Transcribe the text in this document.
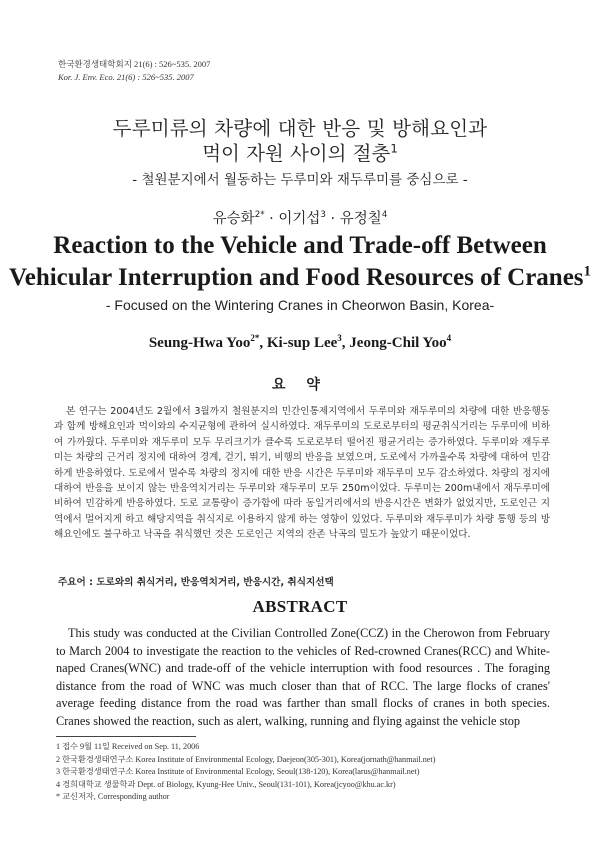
한국환경생태학회지 21(6) : 526~535. 2007
Kor. J. Env. Eco. 21(6) : 526~535. 2007
두루미류의 차량에 대한 반응 및 방해요인과
먹이 자원 사이의 절충$^1$
- 철원분지에서 월동하는 두루미와 재두루미를 중심으로 -
유승화$^{2*}$ · 이기섭$^3$ · 유정칠$^4$
Reaction to the Vehicle and Trade-off Between
Vehicular Interruption and Food Resources of Cranes$^1$
- Focused on the Wintering Cranes in Cheorwon Basin, Korea-
Seung-Hwa Yoo$^{2*}$, Ki-sup Lee$^3$, Jeong-Chil Yoo$^4$
요 약

본 연구는 2004년도 2월에서 3월까지 철원분지의 민간인통제지역에서 두루미와 재두루미의 차량에 대한 반응행동과 함께 방해요인과 먹이와의 수지균형에 관하여 실시하였다. 재두루미의 도로로부터의 평균취식거리는 두루미에 비하여 가까웠다. 두루미와 재두루미 모두 무리크기가 클수록 도로로부터 떨어진 평균거리는 증가하였다. 두루미와 재두루미는 차량의 근거리 정지에 대하여 경계, 걷기, 뛰기, 비행의 반응을 보였으며, 도로에서 가까울수록 차량에 대하여 민감하게 반응하였다. 도로에서 멀수록 차량의 정지에 대한 반응 시간은 두루미와 재두루미 모두 감소하였다. 차량의 정지에 대하여 반응을 보이지 않는 반응역치거리는 두루미와 재두루미 모두 250m이었다. 두루미는 200m내에서 재두루미에 비하여 민감하게 반응하였다. 도로 교통량이 증가함에 따라 동일거리에서의 반응시간은 변화가 없었지만, 도로인근 지역에서 멀어지게 하고 해당지역을 취식지로 이용하지 않게 하는 영향이 있었다. 두루미와 재두루미가 차량 통행 등의 방해요인에도 불구하고 낙곡을 취식했던 것은 도로인근 지역의 잔존 낙곡의 밀도가 높았기 때문이었다.

주요어 : 도로와의 취식거리, 반응역치거리, 반응시간, 취식지선택
ABSTRACT

This study was conducted at the Civilian Controlled Zone(CCZ) in the Cherowon from February to March 2004 to investigate the reaction to the vehicles of Red-crowned Cranes(RCC) and White-naped Cranes(WNC) and trade-off of the vehicle interruption with food resources . The foraging distance from the road of WNC was much closer than that of RCC. The large flocks of cranes' average feeding distance from the road was farther than small flocks of cranes in both species. Cranes showed the reaction, such as alert, walking, running and flying against the vehicle stop

1 접수 9월 11일 Received on Sep. 11, 2006
2 한국환경생태연구소 Korea Institute of Environmental Ecology, Daejeon(305-301), Korea(jornath@hanmail.net)
3 한국환경생태연구소 Korea Institute of Environmental Ecology, Seoul(138-120), Korea(larus@hanmail.net)
4 경희대학교 생물학과 Dept. of Biology, Kyung-Hee Univ., Seoul(131-101), Korea(jcyoo@khu.ac.kr)
* 교신저자, Corresponding author
